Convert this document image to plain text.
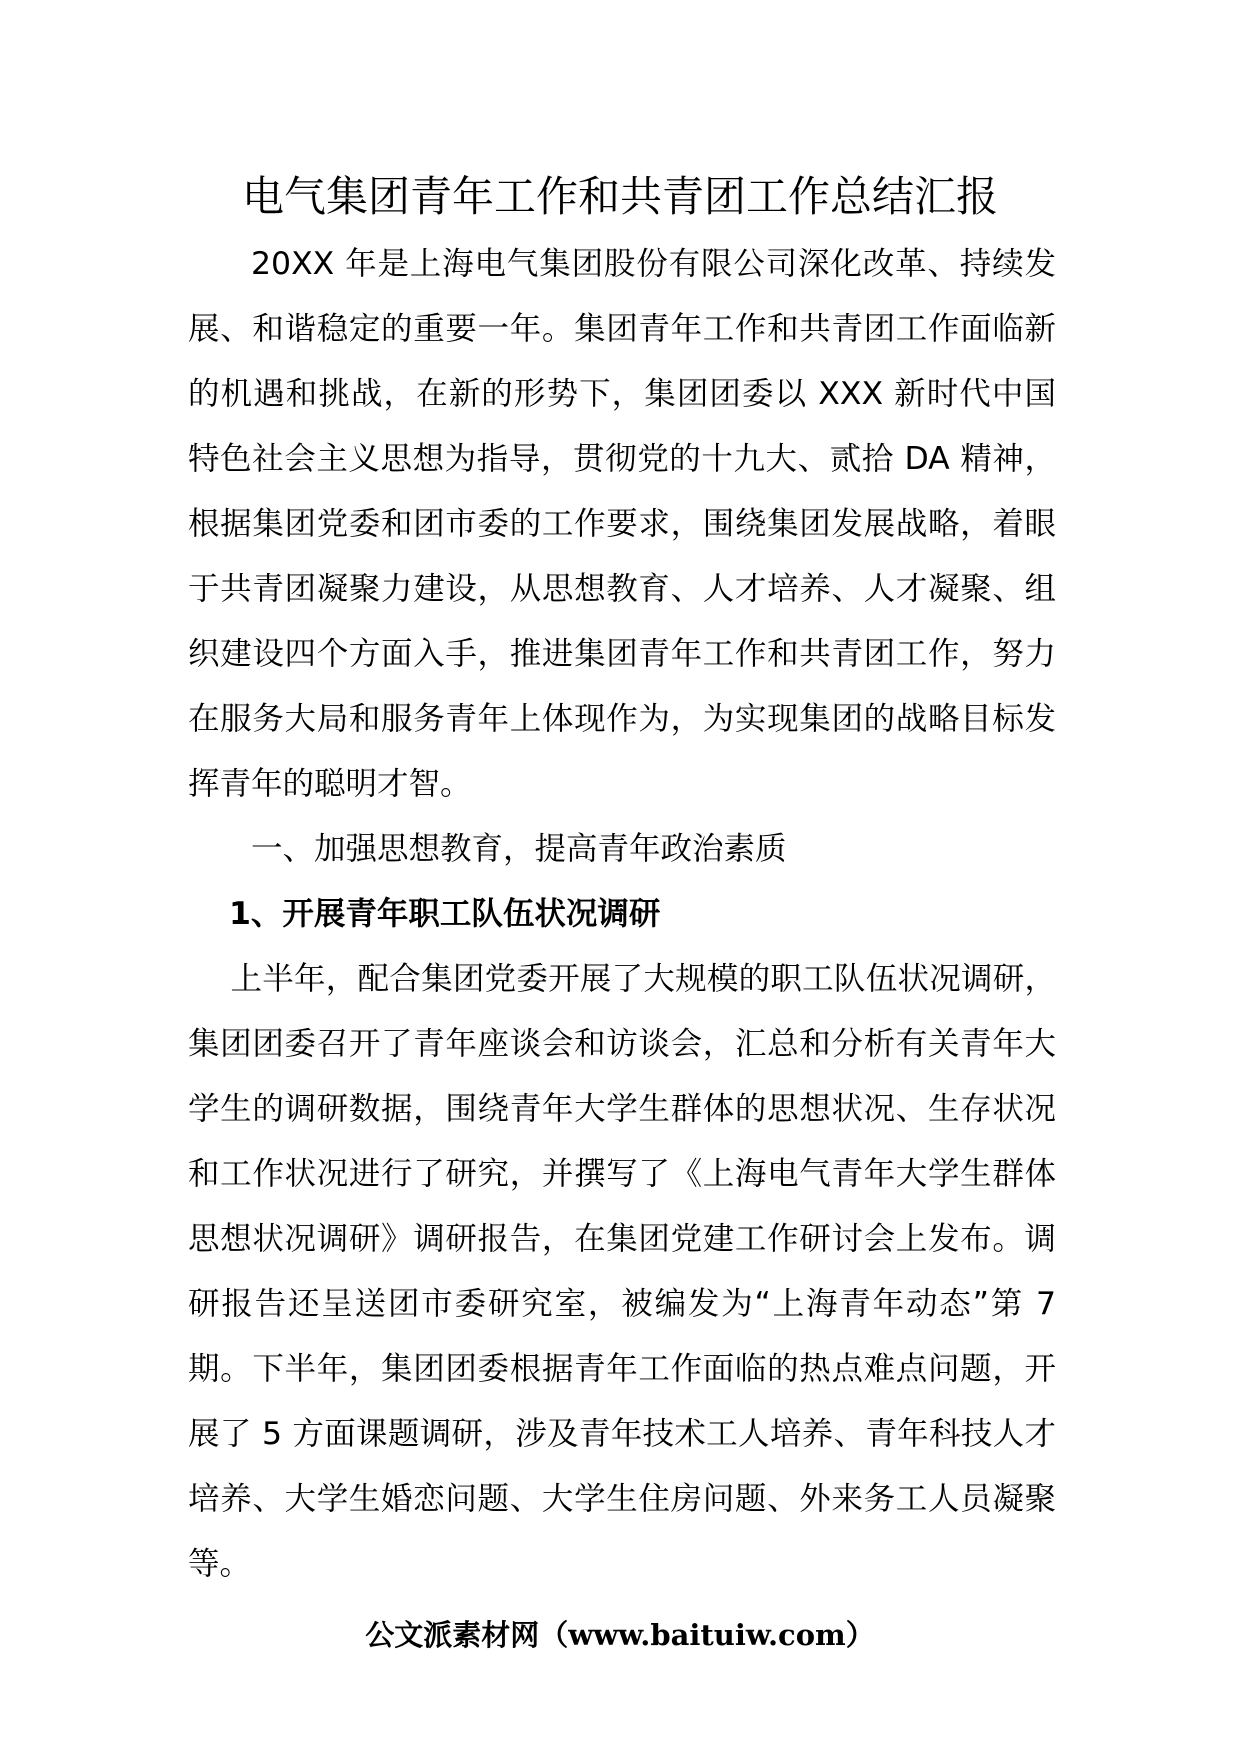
电气集团青年工作和共青团工作总结汇报

20XX 年是上海电气集团股份有限公司深化改革、持续发展、和谐稳定的重要一年。集团青年工作和共青团工作面临新的机遇和挑战，在新的形势下，集团团委以 XXX 新时代中国特色社会主义思想为指导，贯彻党的十九大、贰拾 DA 精神，根据集团党委和团市委的工作要求，围绕集团发展战略，着眼于共青团凝聚力建设，从思想教育、人才培养、人才凝聚、组织建设四个方面入手，推进集团青年工作和共青团工作，努力在服务大局和服务青年上体现作为，为实现集团的战略目标发挥青年的聪明才智。

一、加强思想教育，提高青年政治素质

1、开展青年职工队伍状况调研

上半年，配合集团党委开展了大规模的职工队伍状况调研，集团团委召开了青年座谈会和访谈会，汇总和分析有关青年大学生的调研数据，围绕青年大学生群体的思想状况、生存状况和工作状况进行了研究，并撰写了《上海电气青年大学生群体思想状况调研》调研报告，在集团党建工作研讨会上发布。调研报告还呈送团市委研究室，被编发为“上海青年动态”第 7 期。下半年，集团团委根据青年工作面临的热点难点问题，开展了 5 方面课题调研，涉及青年技术工人培养、青年科技人才培养、大学生婚恋问题、大学生住房问题、外来务工人员凝聚等。

公文派素材网（www.baituiw.com）
